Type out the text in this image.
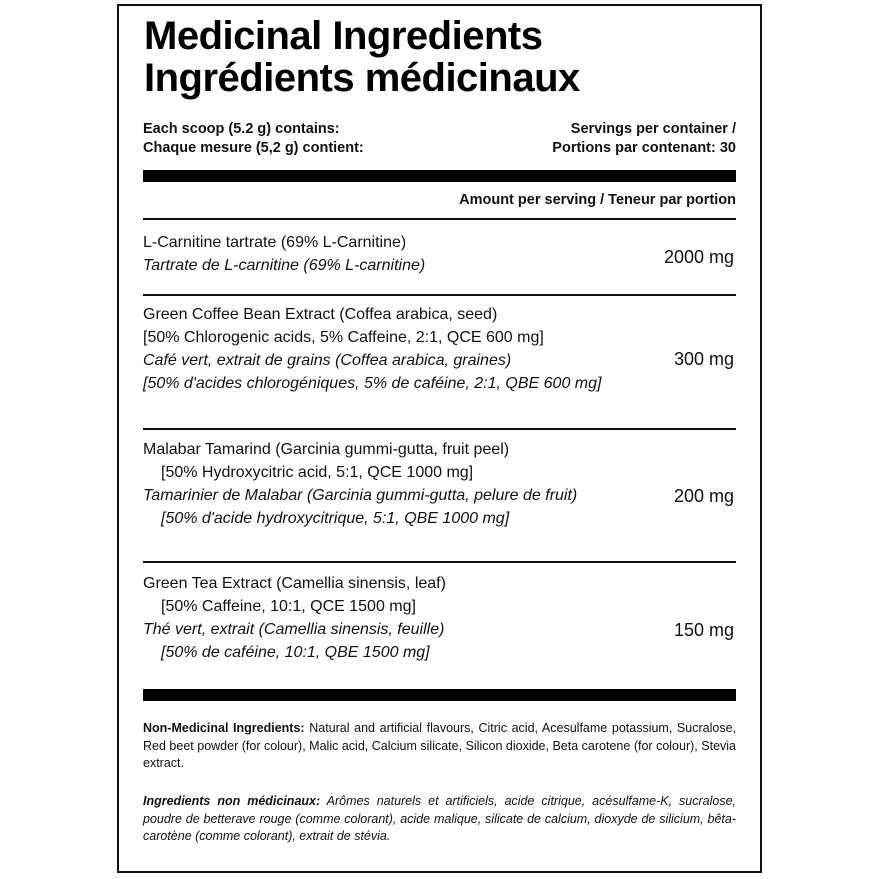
Medicinal Ingredients
Ingrédients médicinaux
Each scoop (5.2 g) contains:
Chaque mesure (5,2 g) contient:
Servings per container /
Portions par contenant: 30
Amount per serving / Teneur par portion
L-Carnitine tartrate (69% L-Carnitine)
Tartrate de L-carnitine (69% L-carnitine)	2000 mg
Green Coffee Bean Extract (Coffea arabica, seed)
[50% Chlorogenic acids, 5% Caffeine, 2:1, QCE 600 mg]
Café vert, extrait de grains (Coffea arabica, graines)
[50% d'acides chlorogéniques, 5% de caféine, 2:1, QBE 600 mg]
300 mg
Malabar Tamarind (Garcinia gummi-gutta, fruit peel)
[50% Hydroxycitric acid, 5:1, QCE 1000 mg]
Tamarinier de Malabar (Garcinia gummi-gutta, pelure de fruit)
[50% d'acide hydroxycitrique, 5:1, QBE 1000 mg]
200 mg
Green Tea Extract (Camellia sinensis, leaf)
[50% Caffeine, 10:1, QCE 1500 mg]
Thé vert, extrait (Camellia sinensis, feuille)
[50% de caféine, 10:1, QBE 1500 mg]
150 mg
Non-Medicinal Ingredients: Natural and artificial flavours, Citric acid, Acesulfame potassium, Sucralose, Red beet powder (for colour), Malic acid, Calcium silicate, Silicon dioxide, Beta carotene (for colour), Stevia extract.
Ingredients non médicinaux: Arômes naturels et artificiels, acide citrique, acésulfame-K, sucralose, poudre de betterave rouge (comme colorant), acide malique, silicate de calcium, dioxyde de silicium, bêta-carotène (comme colorant), extrait de stévia.
